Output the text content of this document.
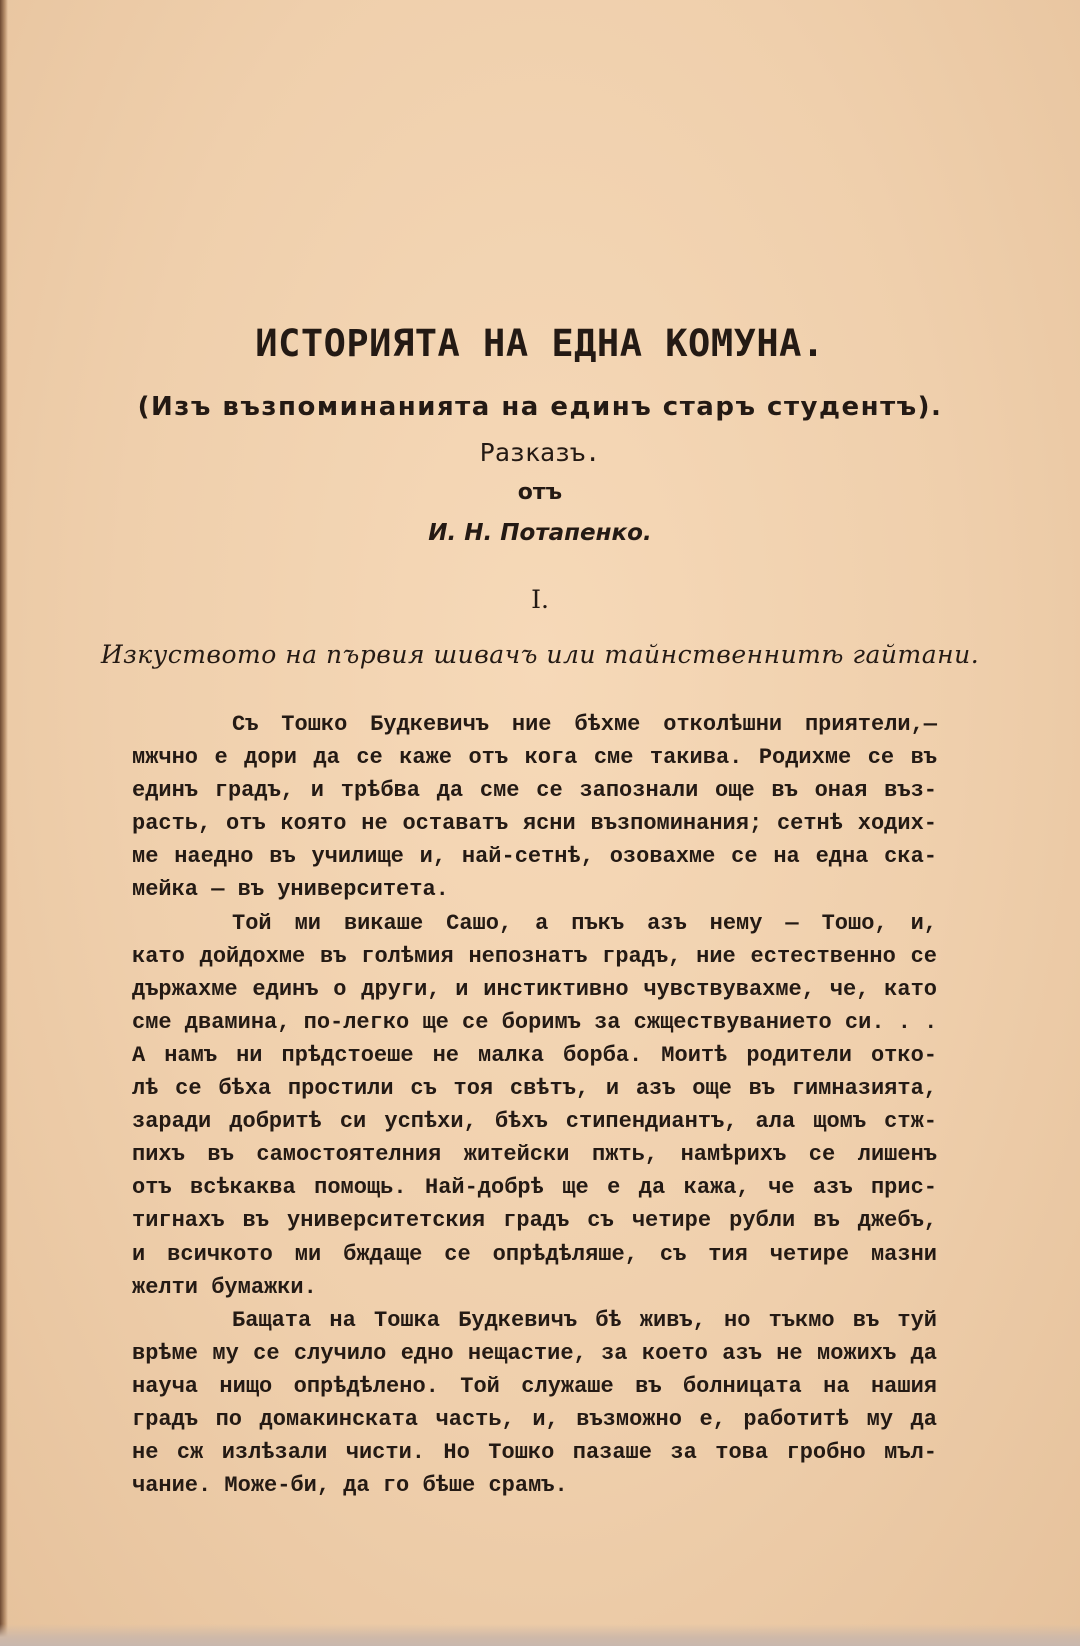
ИСТОРИЯТА НА ЕДНА КОМУНА.
(Изъ възпоминанията на единъ старъ студентъ).
Разказъ.
отъ
И. Н. Потапенко.
I.
Изкуството на първия шивачъ или тайнственнитѣ гайтани.
Съ Тошко Будкевичъ ние бѣхме отколѣшни приятели,—
мжчно е дори да се каже отъ кога сме такива. Родихме се въ
единъ градъ, и трѣбва да сме се запознали още въ оная въз-
расть, отъ която не оставатъ ясни възпоминания; сетнѣ ходих-
ме наедно въ училище и, най-сетнѣ, озовахме се на една ска-
мейка — въ университета.
Той ми викаше Сашо, а пъкъ азъ нему — Тошо, и,
като дойдохме въ голѣмия непознатъ градъ, ние естественно се
държахме единъ о други, и инстиктивно чувствувахме, че, като
сме двамина, по-легко ще се боримъ за сжществуванието си. . .
А намъ ни прѣдстоеше не малка борба. Моитѣ родители отко-
лѣ се бѣха простили съ тоя свѣтъ, и азъ още въ гимназията,
заради добритѣ си успѣхи, бѣхъ стипендиантъ, ала щомъ стж-
пихъ въ самостоятелния житейски пжть, намѣрихъ се лишенъ
отъ всѣкаква помощь. Най-добрѣ ще е да кажа, че азъ прис-
тигнахъ въ университетския градъ съ четире рубли въ джебъ,
и всичкото ми бждаще се опрѣдѣляше, съ тия четире мазни
желти бумажки.
Бащата на Тошка Будкевичъ бѣ живъ, но тъкмо въ туй
врѣме му се случило едно нещастие, за което азъ не можихъ да
науча нищо опрѣдѣлено. Той служаше въ болницата на нашия
градъ по домакинската часть, и, възможно е, работитѣ му да
не сж излѣзали чисти. Но Тошко пазаше за това гробно мъл-
чание. Може-би, да го бѣше срамъ.
